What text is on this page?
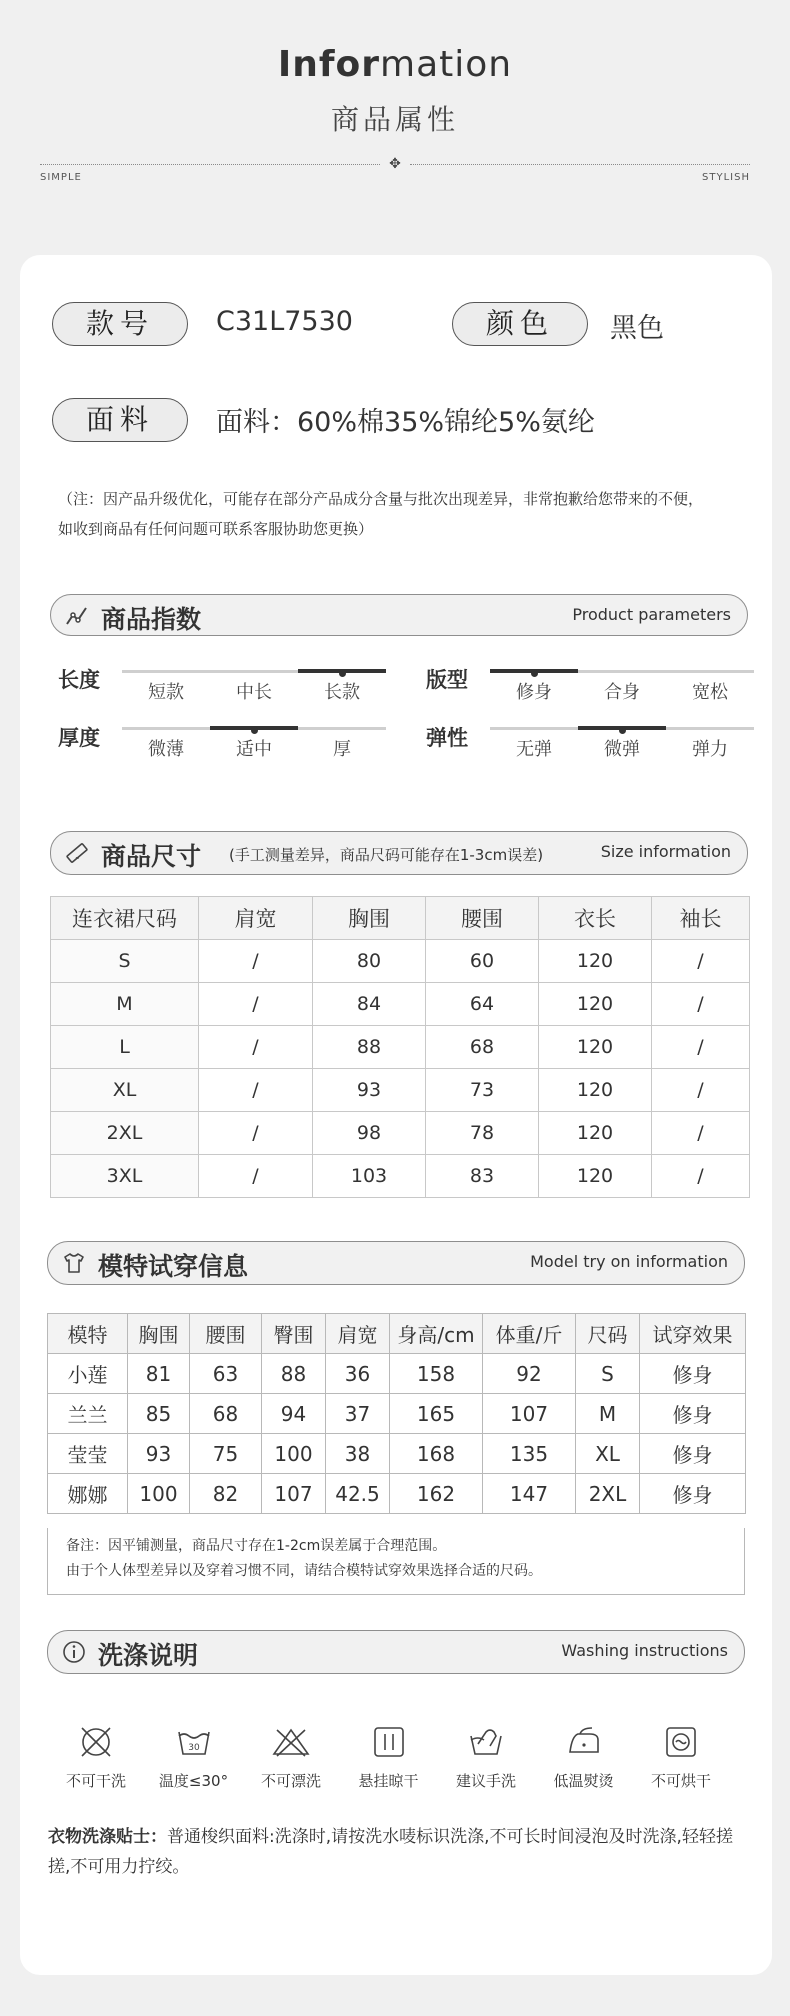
Information
商品属性
✥
SIMPLE	STYLISH
款号	C31L7530	颜色	黑色
面料	面料：60%棉35%锦纶5%氨纶
（注：因产品升级优化，可能存在部分产品成分含量与批次出现差异，非常抱歉给您带来的不便，
如收到商品有任何问题可联系客服协助您更换）
商品指数	Product parameters
长度
短款	中长	长款
版型
修身	合身	宽松
厚度	微薄	适中	厚	弹性	无弹	微弹	弹力
商品尺寸 (手工测量差异，商品尺码可能存在1-3cm误差)	Size information
连衣裙尺码	肩宽	胸围	腰围	衣长	袖长
S	/	80	60	120	/
M	/	84	64	120	/
L	/	88	68	120	/
XL	/	93	73	120	/
2XL	/	98	78	120	/
3XL	/	103	83	120	/
模特试穿信息	Model try on information
模特	胸围	腰围	臀围	肩宽	身高/cm	体重/斤	尺码	试穿效果
小莲	81	63	88	36	158	92	S	修身
兰兰	85	68	94	37	165	107	M	修身
莹莹	93	75	100	38	168	135	XL	修身
娜娜	100	82	107	42.5	162	147	2XL	修身
备注：因平铺测量，商品尺寸存在1-2cm误差属于合理范围。
由于个人体型差异以及穿着习惯不同，请结合模特试穿效果选择合适的尺码。
洗涤说明	Washing instructions
不可干洗
30
温度≤30°	不可漂洗	悬挂晾干	建议手洗	低温熨烫	不可烘干
衣物洗涤贴士：普通梭织面料:洗涤时,请按洗水唛标识洗涤,不可长时间浸泡及时洗涤,轻轻搓搓,不可用力拧绞。
